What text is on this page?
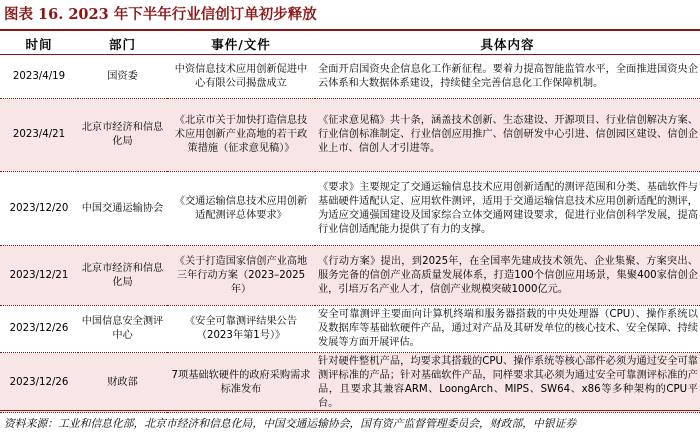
图表 16. 2023 年下半年行业信创订单初步释放
时间	部门	事件/文件	具体内容
2023/4/19	国资委	中资信息技术应用创新促进中心有限公司揭盘成立	全面开启国资央企信息化工作新征程。要着力提高智能监管水平，全面推进国资央企云体系和大数据体系建设，持续健全完善信息化工作保障机制。
2023/4/21	北京市经济和信息化局	《北京市关于加快打造信息技术应用创新产业高地的若干政策措施（征求意见稿）》	《征求意见稿》共十条，涵盖技术创新、生态建设、开源项目、行业信创解决方案、行业信创标准制定、行业信创应用推广、信创研发中心引进、信创园区建设、信创企业上市、信创人才引进等。
2023/12/20	中国交通运输协会	《交通运输信息技术应用创新适配测评总体要求》	《要求》主要规定了交通运输信息技术应用创新适配的测评范围和分类、基础软件与基础硬件适配认定、应用软件测评，适用于交通运输信息技术应用创新适配的测评，为适应交通强国建设及国家综合立体交通网建设要求，促进行业信创科学发展，提高行业信创适配能力提供了有力的支撑。
2023/12/21	北京市经济和信息化局	《关于打造国家信创产业高地三年行动方案（2023–2025年）	《行动方案》提出，到2025年，在全国率先建成技术领先、企业集聚、方案突出、服务完备的信创产业高质量发展体系，打造100个信创应用场景，集聚400家信创企业，引培万名产业人才，信创产业规模突破1000亿元。
2023/12/26	中国信息安全测评中心	《安全可靠测评结果公告（2023年第1号）》	安全可靠测评主要面向计算机终端和服务器搭载的中央处理器（CPU）、操作系统以及数据库等基础软硬件产品，通过对产品及其研发单位的核心技术、安全保障、持续发展等方面开展评估。
2023/12/26	财政部	7项基础软硬件的政府采购需求标准发布	针对硬件整机产品，均要求其搭载的CPU、操作系统等核心部件必须为通过安全可靠测评标准的产品；针对基础软件产品，同样要求其必须为通过安全可靠测评标准的产品，且要求其兼容ARM、LoongArch、MIPS、SW64、x86等多种架构的CPU平台。
资料来源：工业和信息化部，北京市经济和信息化局，中国交通运输协会，国有资产监督管理委员会，财政部，中银证券
